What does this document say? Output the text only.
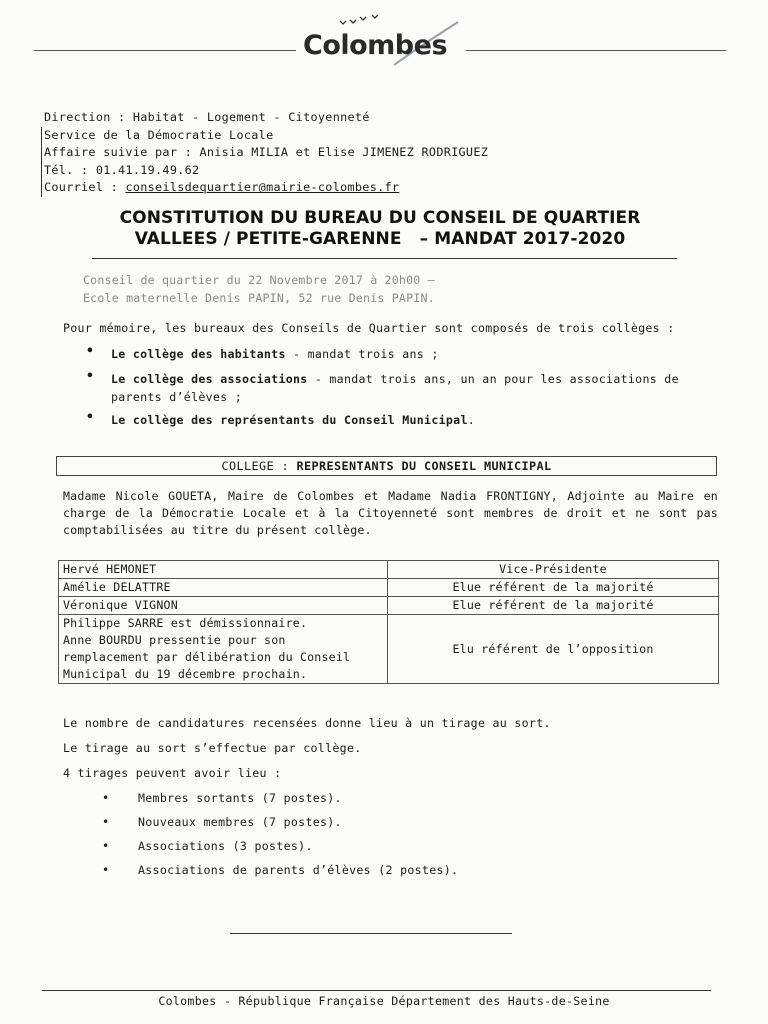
Colombes
Direction : Habitat - Logement - Citoyenneté
Service de la Démocratie Locale
Affaire suivie par : Anisia MILIA et Elise JIMENEZ RODRIGUEZ
Tél. : 01.41.19.49.62
Courriel : conseilsdequartier@mairie-colombes.fr
CONSTITUTION DU BUREAU DU CONSEIL DE QUARTIER
VALLEES / PETITE-GARENNE   – MANDAT 2017-2020
Conseil de quartier du 22 Novembre 2017 à 20h00 –
Ecole maternelle Denis PAPIN, 52 rue Denis PAPIN.
Pour mémoire, les bureaux des Conseils de Quartier sont composés de trois collèges :
• Le collège des habitants - mandat trois ans ;
• Le collège des associations - mandat trois ans, un an pour les associations de parents d’élèves ;
• Le collège des représentants du Conseil Municipal.
COLLEGE : REPRESENTANTS DU CONSEIL MUNICIPAL
Madame Nicole GOUETA, Maire de Colombes et Madame Nadia FRONTIGNY, Adjointe au Maire en charge de la Démocratie Locale et à la Citoyenneté sont membres de droit et ne sont pas comptabilisées au titre du présent collège.
Hervé HEMONET	Vice-Présidente
Amélie DELATTRE	Elue référent de la majorité
Véronique VIGNON	Elue référent de la majorité

Philippe SARRE est démissionnaire.
Anne BOURDU pressentie pour son
remplacement par délibération du Conseil
Municipal du 19 décembre prochain.	Elu référent de l’opposition
Le nombre de candidatures recensées donne lieu à un tirage au sort.
Le tirage au sort s’effectue par collège.
4 tirages peuvent avoir lieu :
• Membres sortants (7 postes).
• Nouveaux membres (7 postes).
• Associations (3 postes).
• Associations de parents d’élèves (2 postes).
Colombes - République Française Département des Hauts-de-Seine
